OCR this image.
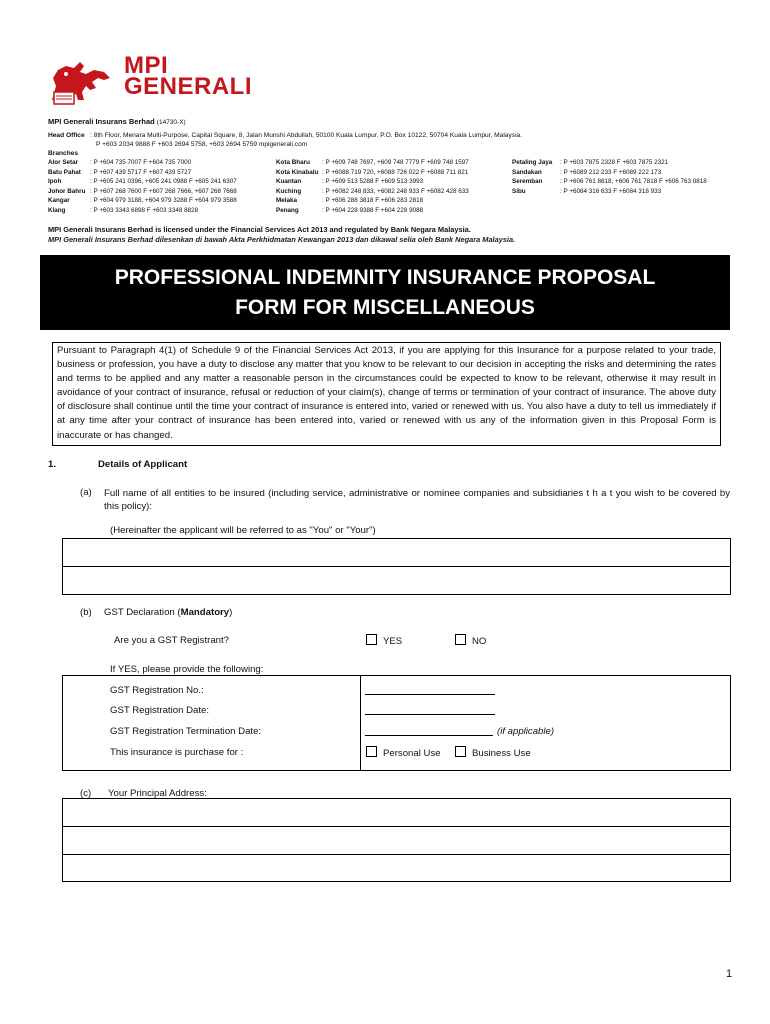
MPI
GENERALI
MPI Generali Insurans Berhad (14730-X)
Head Office : 8th Floor, Menara Multi-Purpose, Capital Square, 8, Jalan Munshi Abdullah, 50100 Kuala Lumpur. P.O. Box 10122, 50704 Kuala Lumpur, Malaysia.
P +603 2034 9888 F +603 2694 5758, +603 2694 5759 mpigenerali.com
Branches
Alor Setar : P +604 735 7007 F +604 735 7000
Batu Pahat : P +607 439 5717 F +607 439 5727
Ipoh	: P +605 241 0396, +605 241 0988 F +605 241 6307
Johor Bahru : P +607 268 7600 F +607 268 7666, +607 268 7668
Kangar	: P +604 979 3188, +604 979 3288 F +604 979 3588
Klang	: P +603 3343 6898 F +603 3348 8828
Kota Bharu : P +609 748 7697, +609 748 7779 F +609 748 1597
Kota Kinabalu : P +6088 719 720, +6088 726 022 F +6088 711 821
Kuantan	: P +609 513 5288 F +609 513 3993
Kuching	: P +6082 248 833, +6082 248 933 F +6082 428 633
Melaka	: P +606 288 3818 F +606 283 2818
Penang	: P +604 228 9388 F +604 228 9088
Petaling Jaya : P +603 7875 2328 F +603 7875 2321
Sandakan	: P +6089 212 233 F +6089 222 173
Seremban	: P +606 761 8818, +606 761 7818 F +606 763 0818
Sibu	: P +6084 316 633 F +6084 318 933
MPI Generali Insurans Berhad is licensed under the Financial Services Act 2013 and regulated by Bank Negara Malaysia.
MPI Generali Insurans Berhad dilesenkan di bawah Akta Perkhidmatan Kewangan 2013 dan dikawal selia oleh Bank Negara Malaysia.
PROFESSIONAL INDEMNITY INSURANCE PROPOSAL
FORM FOR MISCELLANEOUS
Pursuant to Paragraph 4(1) of Schedule 9 of the Financial Services Act 2013, if you are applying for this Insurance for a purpose related to your trade, business or profession, you have a duty to disclose any matter that you know to be relevant to our decision in accepting the risks and determining the rates and terms to be applied and any matter a reasonable person in the circumstances could be expected to know to be relevant, otherwise it may result in avoidance of your contract of insurance, refusal or reduction of your claim(s), change of terms or termination of your contract of insurance. The above duty of disclosure shall continue until the time your contract of insurance is entered into, varied or renewed with us. You also have a duty to tell us immediately if at any time after your contract of insurance has been entered into, varied or renewed with us any of the information given in this Proposal Form is inaccurate or has changed.
1.	Details of Applicant
(a) Full name of all entities to be insured (including service, administrative or nominee companies and subsidiaries t h a t you wish to be covered by this policy):
(Hereinafter the applicant will be referred to as "You" or "Your")
(b) GST Declaration (Mandatory)
Are you a GST Registrant?	YES	NO
If YES, please provide the following:
GST Registration No.:
GST Registration Date:
GST Registration Termination Date:	(if applicable)
This insurance is purchase for :	Personal Use	Business Use
(c) Your Principal Address:
1
